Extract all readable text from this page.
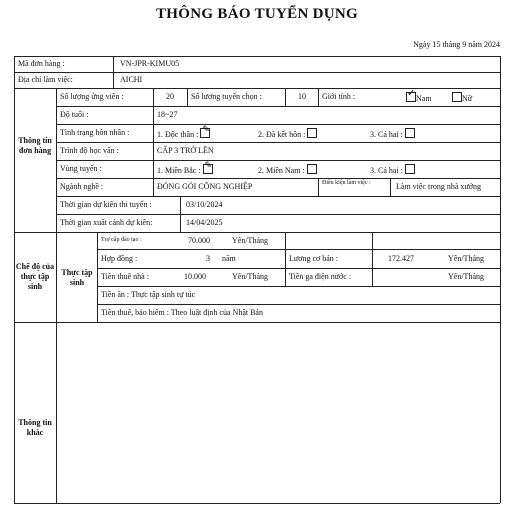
THÔNG BÁO TUYỂN DỤNG
Ngày 15 tháng 9 năm 2024
Mã đơn hàng :	VN-JPR-KIMU05
Địa chỉ làm việc:	AICHI
Thông tin đơn hàng
Chế độ của thực tập sinh
Thực tập sinh
Thông tin khác
Số lượng ứng viên :	20 Số lượng tuyển chọn :	10 Giới tính : ✓	Nam	Nữ
Độ tuổi :	18~27
Tình trạng hôn nhân :	1. Độc thân : ✎	2. Đã kết hôn :	3. Cả hai :
Trình độ học vấn :	CẤP 3 TRỞ LÊN
Vùng tuyển :	1. Miền Bắc : ✎	2. Miền Nam :	3. Cả hai :
Ngành nghề :	ĐÓNG GÓI CÔNG NGHIỆP	Điều kiện làm việc :	Làm việc trong nhà xưởng
Thời gian dự kiến thi tuyển :	03/10/2024
Thời gian xuất cảnh dự kiến:	14/04/2025
Trợ cấp đào tạo :	70.000	Yên/Tháng
Hợp đồng :	3 năm	Lương cơ bản :	172.427	Yên/Tháng
Tiền thuê nhà :	10.000	Yên/Tháng	Tiền ga điện nước :	Yên/Tháng
Tiền ăn : Thực tập sinh tự túc
Tiền thuế, bảo hiểm : Theo luật định của Nhật Bản
